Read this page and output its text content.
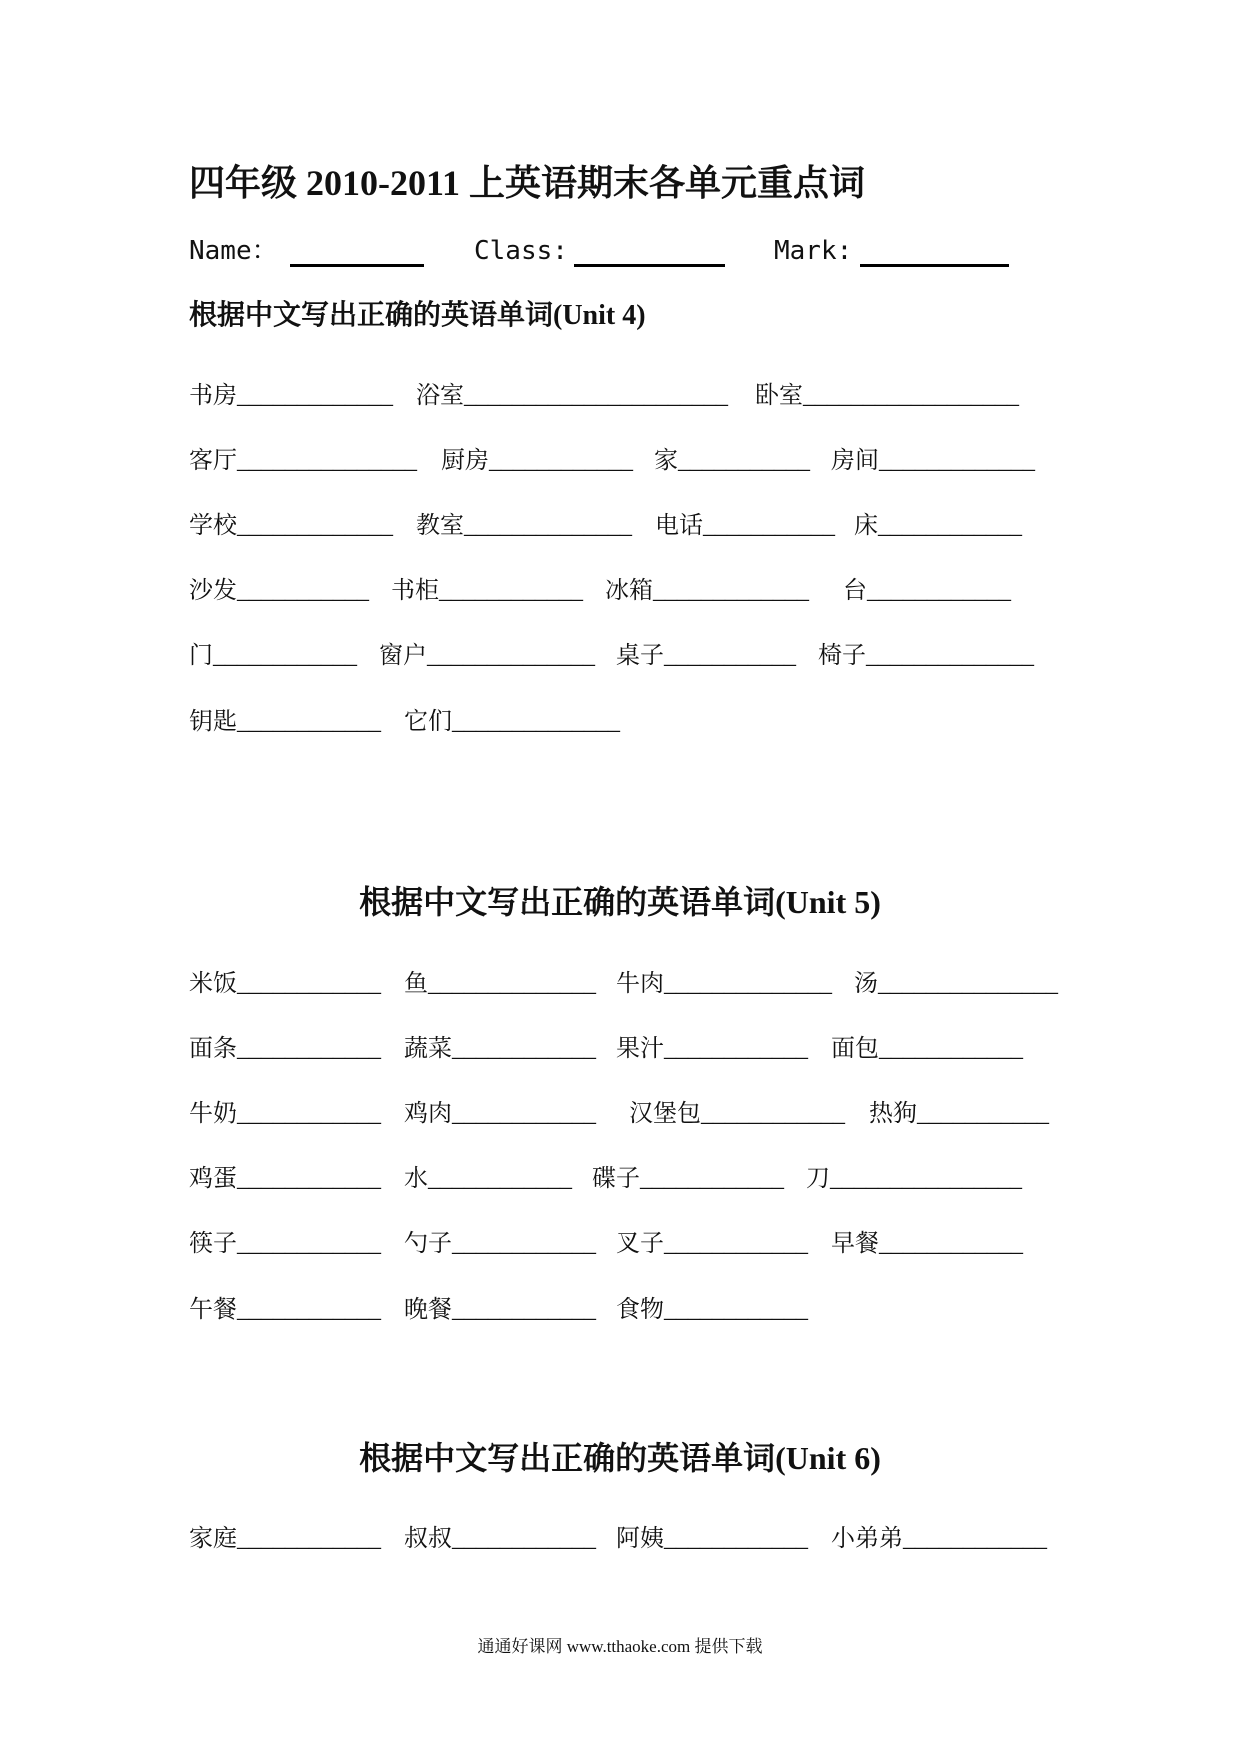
四年级 2010-2011 上英语期末各单元重点词
Name：	Class:	Mark:
根据中文写出正确的英语单词(Unit 4)
书房_____________ 浴室______________________ 卧室__________________
客厅_______________ 厨房____________ 家___________ 房间_____________
学校_____________ 教室______________ 电话___________ 床____________
沙发___________ 书柜____________ 冰箱_____________ 台____________
门____________ 窗户______________ 桌子___________ 椅子______________
钥匙____________ 它们______________
根据中文写出正确的英语单词(Unit 5)
米饭____________ 鱼______________ 牛肉______________ 汤_______________
面条____________ 蔬菜____________ 果汁____________ 面包____________
牛奶____________ 鸡肉____________ 汉堡包____________ 热狗___________
鸡蛋____________ 水____________ 碟子____________ 刀________________
筷子____________ 勺子____________ 叉子____________ 早餐____________
午餐____________ 晚餐____________ 食物____________
根据中文写出正确的英语单词(Unit 6)
家庭____________ 叔叔____________ 阿姨____________ 小弟弟____________
通通好课网 www.tthaoke.com 提供下载
